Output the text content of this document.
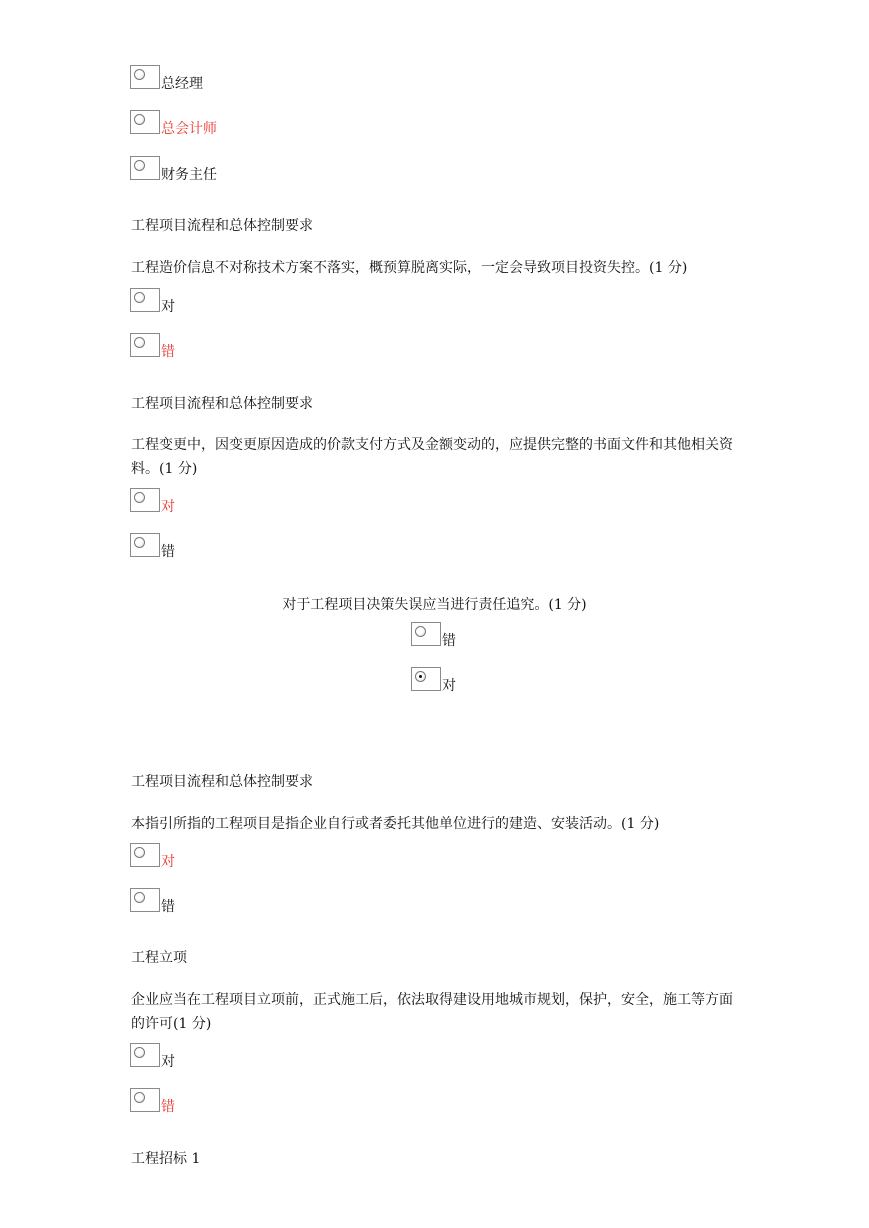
总经理
总会计师
财务主任
工程项目流程和总体控制要求
工程造价信息不对称技术方案不落实，概预算脱离实际，一定会导致项目投资失控。(1 分)
对
错
工程项目流程和总体控制要求
工程变更中，因变更原因造成的价款支付方式及金额变动的，应提供完整的书面文件和其他相关资料。(1 分)
对
错
对于工程项目决策失误应当进行责任追究。(1 分)
错
对
工程项目流程和总体控制要求
本指引所指的工程项目是指企业自行或者委托其他单位进行的建造、安装活动。(1 分)
对
错
工程立项
企业应当在工程项目立项前，正式施工后，依法取得建设用地城市规划，保护，安全，施工等方面的许可(1 分)
对
错
工程招标 1
